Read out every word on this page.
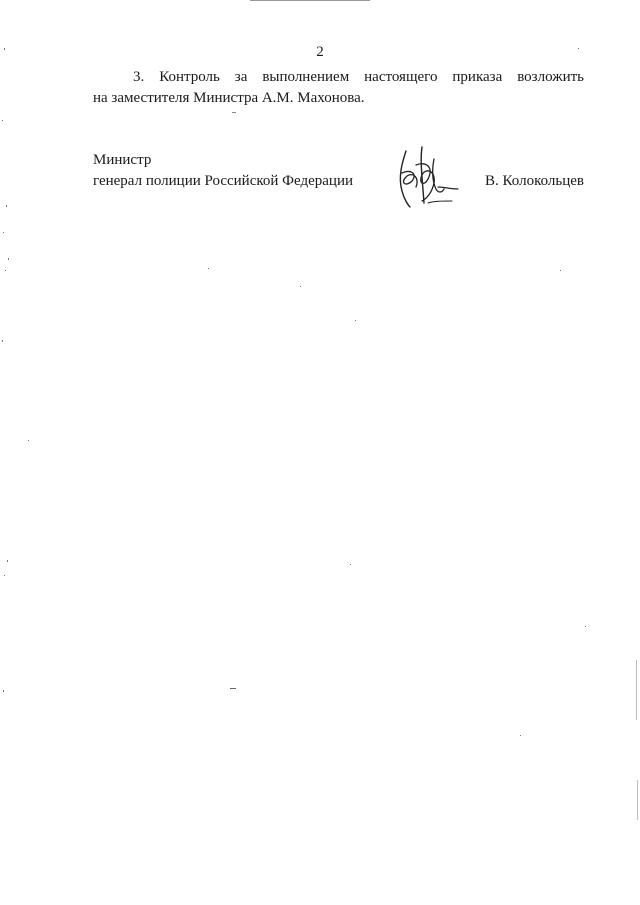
2
3. Контроль за выполнением настоящего приказа возложить
на заместителя Министра А.М. Махонова.
Министр
генерал полиции Российской Федерации	В. Колокольцев
